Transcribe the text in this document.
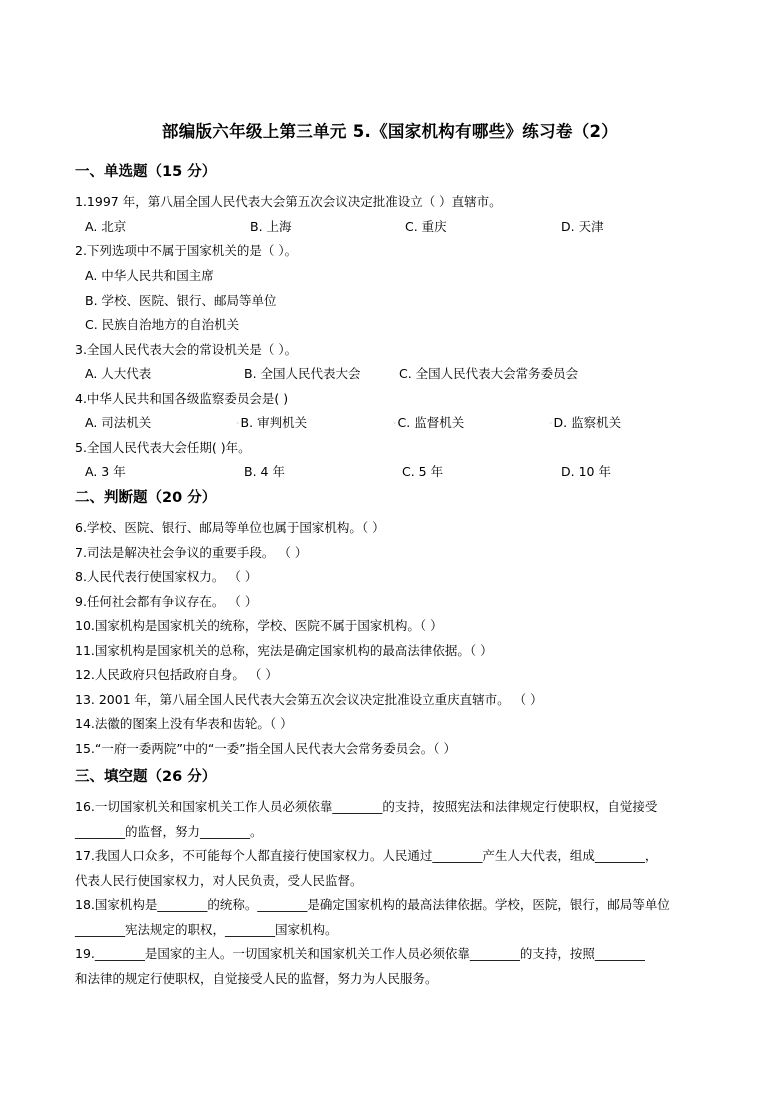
部编版六年级上第三单元 5.《国家机构有哪些》练习卷（2）
一、单选题（15 分）
1.1997 年，第八届全国人民代表大会第五次会议决定批准设立（ ）直辖市。
A. 北京	B. 上海	C. 重庆	D. 天津
2.下列选项中不属于国家机关的是（ ）。
A. 中华人民共和国主席
B. 学校、医院、银行、邮局等单位
C. 民族自治地方的自治机关
3.全国人民代表大会的常设机关是（ ）。
A. 人大代表	B. 全国人民代表大会	C. 全国人民代表大会常务委员会
4.中华人民共和国各级监察委员会是( )
A. 司法机关	◦B. 审判机关	◦C. 监督机关	◦D. 监察机关
5.全国人民代表大会任期( )年。
A. 3 年	B. 4 年	C. 5 年	D. 10 年
二、判断题（20 分）
6.学校、医院、银行、邮局等单位也属于国家机构。（ ）
7.司法是解决社会争议的重要手段。 （ ）
8.人民代表行使国家权力。 （ ）
9.任何社会都有争议存在。 （ ）
10.国家机构是国家机关的统称，学校、医院不属于国家机构。（ ）
11.国家机构是国家机关的总称，宪法是确定国家机构的最高法律依据。（ ）
12.人民政府只包括政府自身。 （ ）
13. 2001 年，第八届全国人民代表大会第五次会议决定批准设立重庆直辖市。 （ ）
14.法徽的图案上没有华表和齿轮。（ ）
15.“一府一委两院”中的“一委”指全国人民代表大会常务委员会。（ ）
三、填空题（26 分）
16.一切国家机关和国家机关工作人员必须依靠________的支持，按照宪法和法律规定行使职权，自觉接受
________的监督，努力________。
17.我国人口众多，不可能每个人都直接行使国家权力。人民通过________产生人大代表，组成________，
代表人民行使国家权力，对人民负责，受人民监督。
18.国家机构是________的统称。________是确定国家机构的最高法律依据。学校，医院，银行，邮局等单位
________宪法规定的职权，________国家机构。
19.________是国家的主人。一切国家机关和国家机关工作人员必须依靠________的支持，按照________
和法律的规定行使职权，自觉接受人民的监督，努力为人民服务。
